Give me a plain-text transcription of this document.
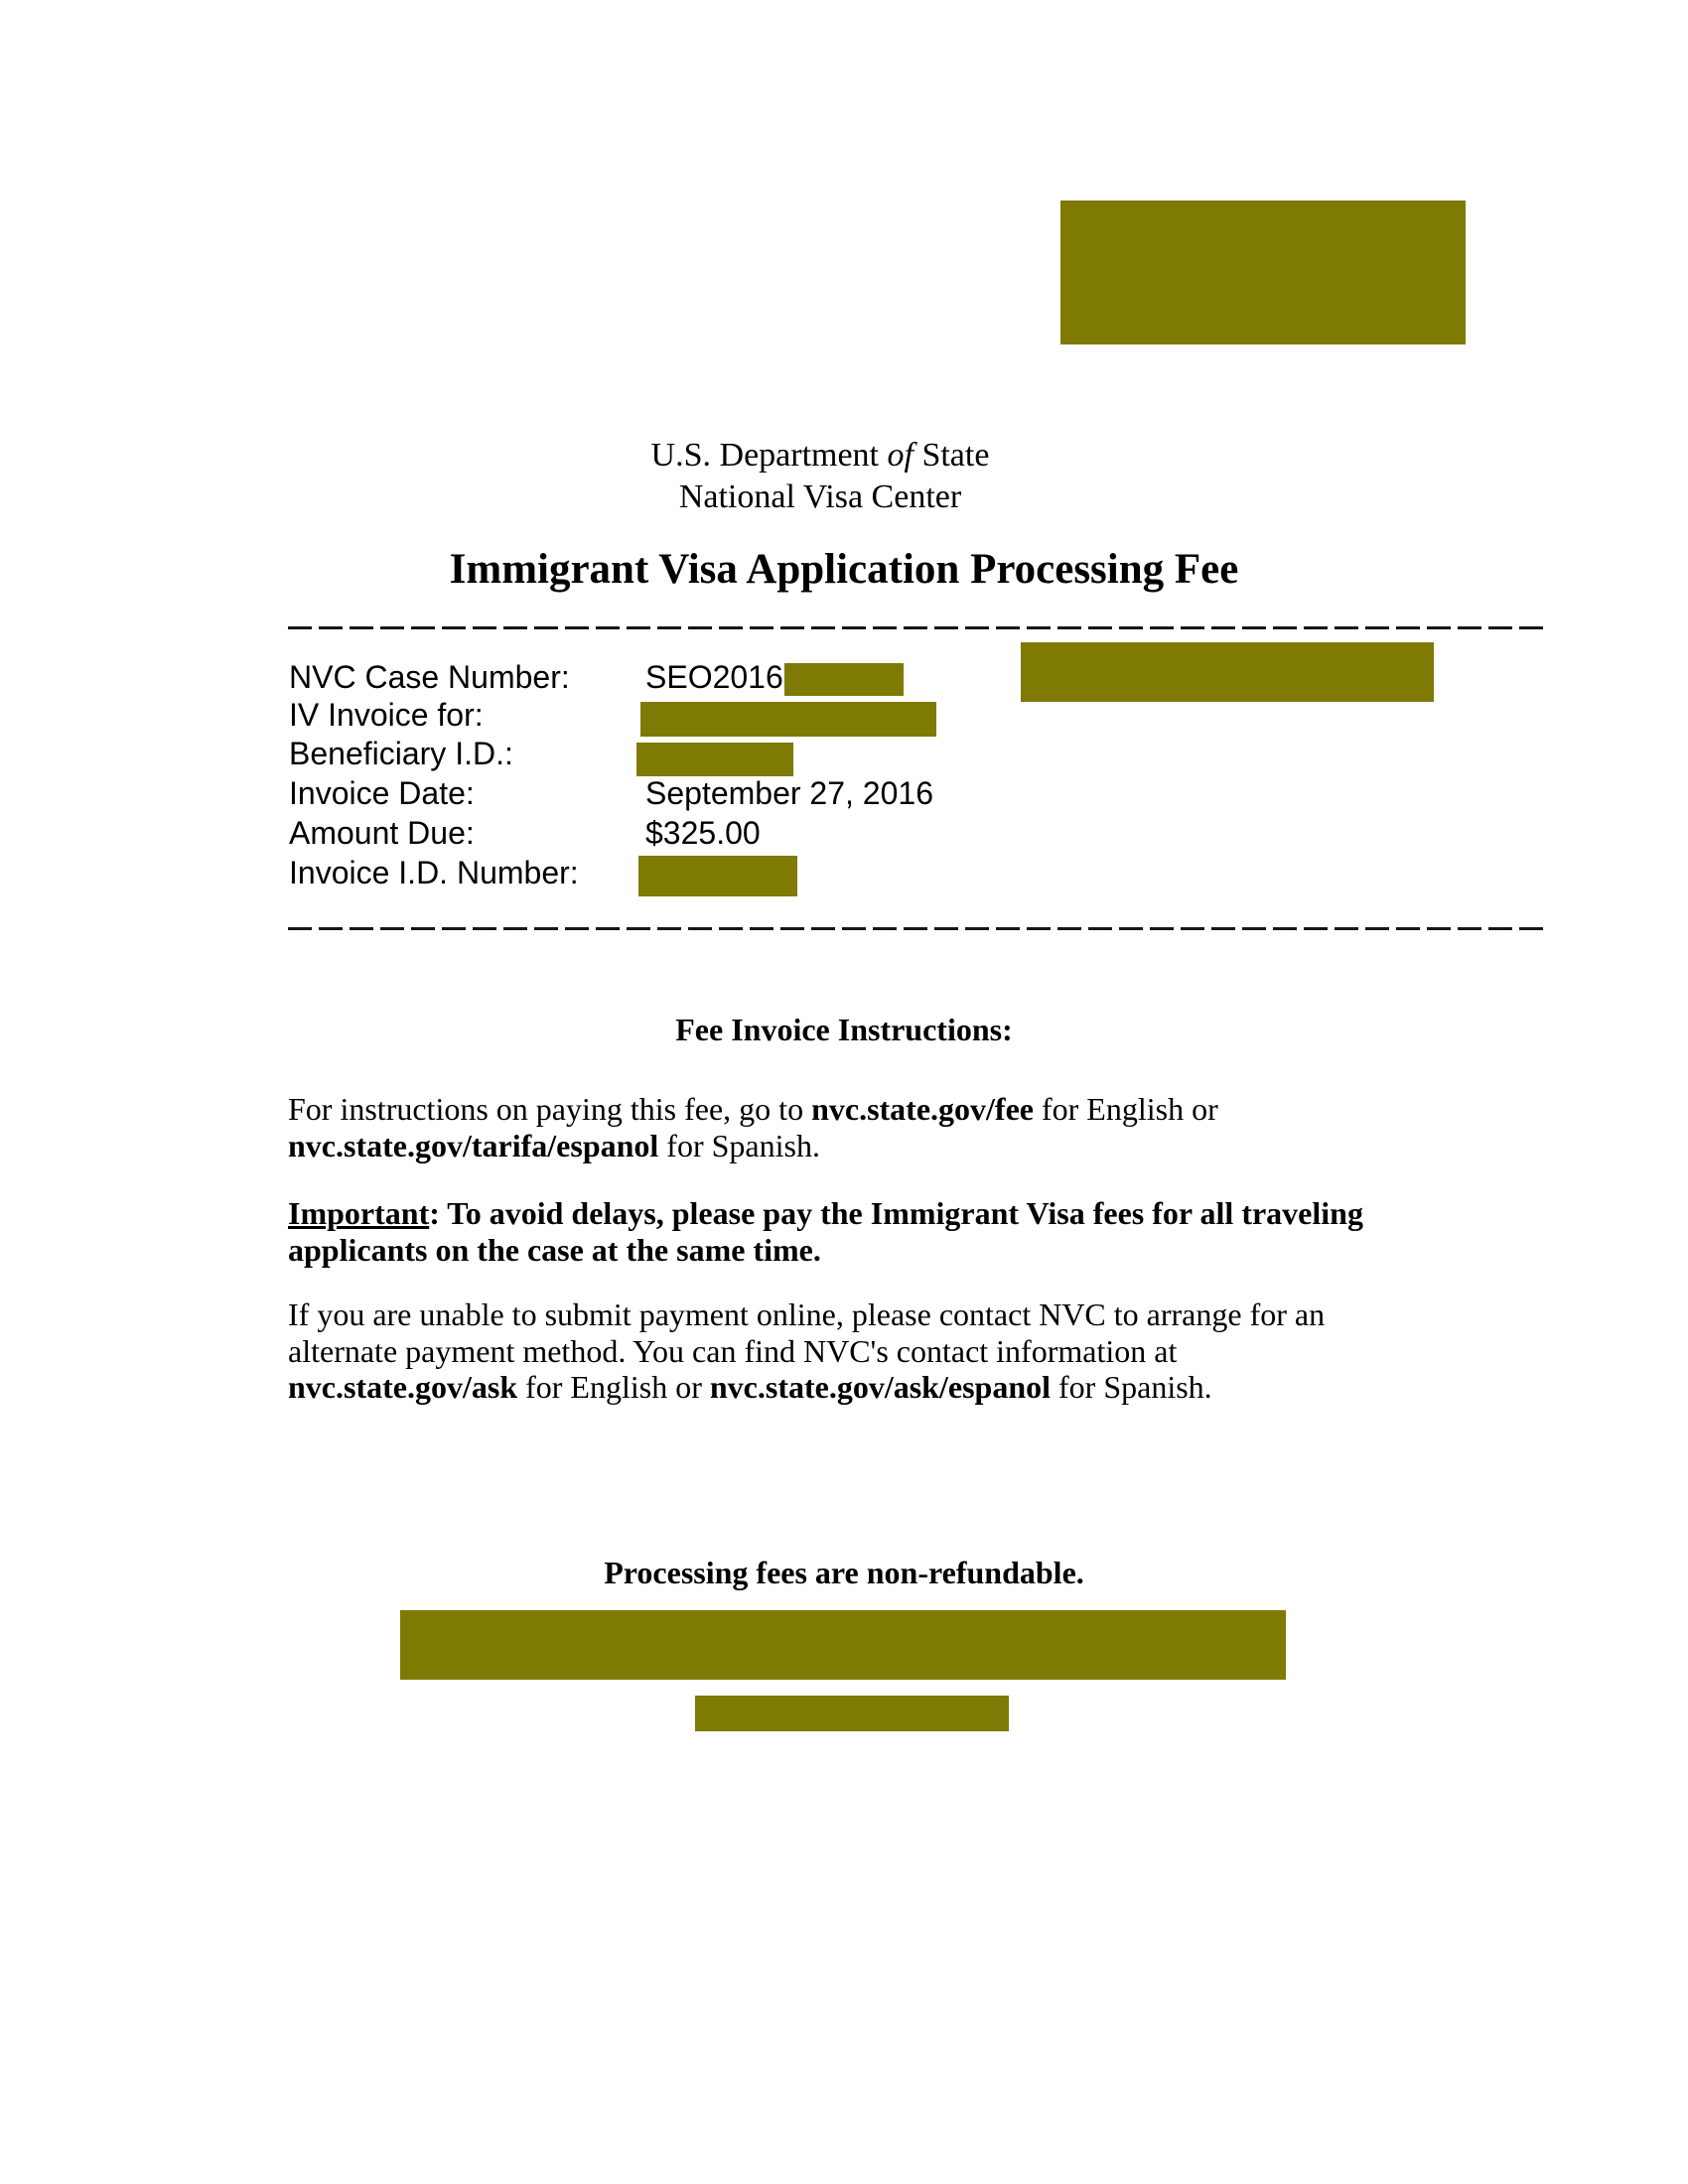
U.S. Department of State
National Visa Center
Immigrant Visa Application Processing Fee
NVC Case Number: SEO2016
IV Invoice for:
Beneficiary I.D.:
Invoice Date:	September 27, 2016
Amount Due:	$325.00
Invoice I.D. Number:
Fee Invoice Instructions:

For instructions on paying this fee, go to nvc.state.gov/fee for English or nvc.state.gov/tarifa/espanol for Spanish.

Important: To avoid delays, please pay the Immigrant Visa fees for all traveling applicants on the case at the same time.

If you are unable to submit payment online, please contact NVC to arrange for an alternate payment method. You can find NVC's contact information at nvc.state.gov/ask for English or nvc.state.gov/ask/espanol for Spanish.

Processing fees are non-refundable.
